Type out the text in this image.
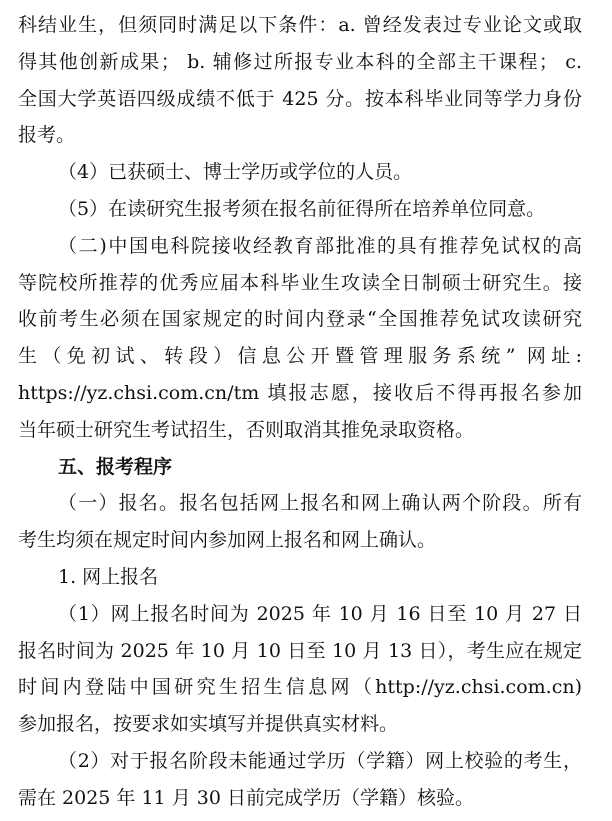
科结业生，但须同时满足以下条件：a. 曾经发表过专业论文或取
得其他创新成果； b. 辅修过所报专业本科的全部主干课程； c.
全国大学英语四级成绩不低于 425 分。按本科毕业同等学力身份
报考。
（4）已获硕士、博士学历或学位的人员。
（5）在读研究生报考须在报名前征得所在培养单位同意。
（二)中国电科院接收经教育部批准的具有推荐免试权的高
等院校所推荐的优秀应届本科毕业生攻读全日制硕士研究生。接
收前考生必须在国家规定的时间内登录“全国推荐免试攻读研究
生（免初试、转段）信息公开暨管理服务系统” 网址:
https://yz.chsi.com.cn/tm 填报志愿，接收后不得再报名参加
当年硕士研究生考试招生，否则取消其推免录取资格。
五、报考程序
（一）报名。报名包括网上报名和网上确认两个阶段。所有
考生均须在规定时间内参加网上报名和网上确认。
1. 网上报名
（1）网上报名时间为 2025 年 10 月 16 日至 10 月 27 日
报名时间为 2025 年 10 月 10 日至 10 月 13 日），考生应在规定
时间内登陆中国研究生招生信息网（http://yz.chsi.com.cn)
参加报名，按要求如实填写并提供真实材料。
（2）对于报名阶段未能通过学历（学籍）网上校验的考生，
需在 2025 年 11 月 30 日前完成学历（学籍）核验。
